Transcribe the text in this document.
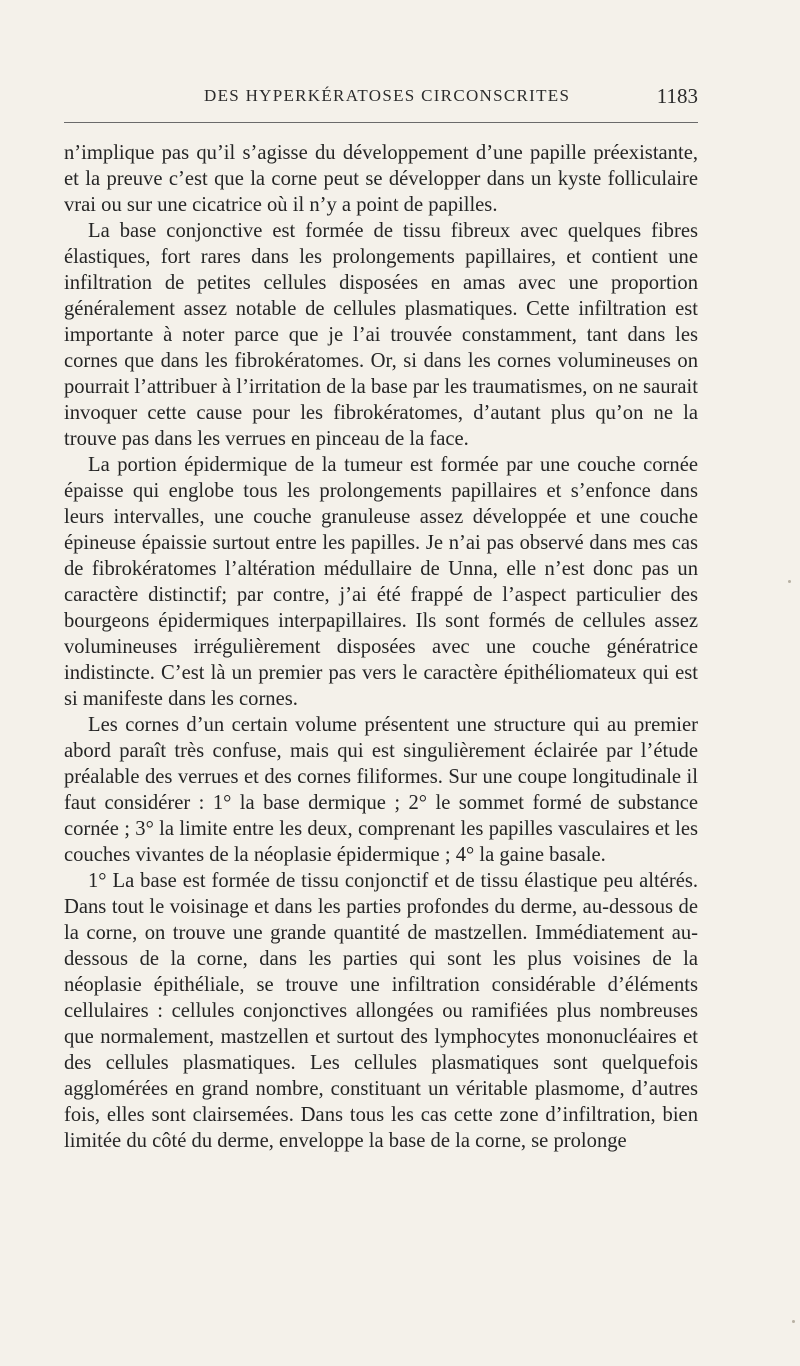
DES HYPERKÉRATOSES CIRCONSCRITES	1183

n’implique pas qu’il s’agisse du développement d’une papille préexistante, et la preuve c’est que la corne peut se développer dans un kyste folliculaire vrai ou sur une cicatrice où il n’y a point de papilles.

La base conjonctive est formée de tissu fibreux avec quelques fibres élastiques, fort rares dans les prolongements papillaires, et contient une infiltration de petites cellules disposées en amas avec une proportion généralement assez notable de cellules plasmatiques. Cette infiltration est importante à noter parce que je l’ai trouvée constamment, tant dans les cornes que dans les fibrokératomes. Or, si dans les cornes volumineuses on pourrait l’attribuer à l’irritation de la base par les traumatismes, on ne saurait invoquer cette cause pour les fibrokératomes, d’autant plus qu’on ne la trouve pas dans les verrues en pinceau de la face.

La portion épidermique de la tumeur est formée par une couche cornée épaisse qui englobe tous les prolongements papillaires et s’enfonce dans leurs intervalles, une couche granuleuse assez développée et une couche épineuse épaissie surtout entre les papilles. Je n’ai pas observé dans mes cas de fibrokératomes l’altération médullaire de Unna, elle n’est donc pas un caractère distinctif; par contre, j’ai été frappé de l’aspect particulier des bourgeons épidermiques interpapillaires. Ils sont formés de cellules assez volumineuses irrégulièrement disposées avec une couche génératrice indistincte. C’est là un premier pas vers le caractère épithéliomateux qui est si manifeste dans les cornes.

Les cornes d’un certain volume présentent une structure qui au premier abord paraît très confuse, mais qui est singulièrement éclairée par l’étude préalable des verrues et des cornes filiformes. Sur une coupe longitudinale il faut considérer : 1° la base dermique ; 2° le sommet formé de substance cornée ; 3° la limite entre les deux, comprenant les papilles vasculaires et les couches vivantes de la néoplasie épidermique ; 4° la gaine basale.

1° La base est formée de tissu conjonctif et de tissu élastique peu altérés. Dans tout le voisinage et dans les parties profondes du derme, au-dessous de la corne, on trouve une grande quantité de mastzellen. Immédiatement au-dessous de la corne, dans les parties qui sont les plus voisines de la néoplasie épithéliale, se trouve une infiltration considérable d’éléments cellulaires : cellules conjonctives allongées ou ramifiées plus nombreuses que normalement, mastzellen et surtout des lymphocytes mononucléaires et des cellules plasmatiques. Les cellules plasmatiques sont quelquefois agglomérées en grand nombre, constituant un véritable plasmome, d’autres fois, elles sont clairsemées. Dans tous les cas cette zone d’infiltration, bien limitée du côté du derme, enveloppe la base de la corne, se prolonge
